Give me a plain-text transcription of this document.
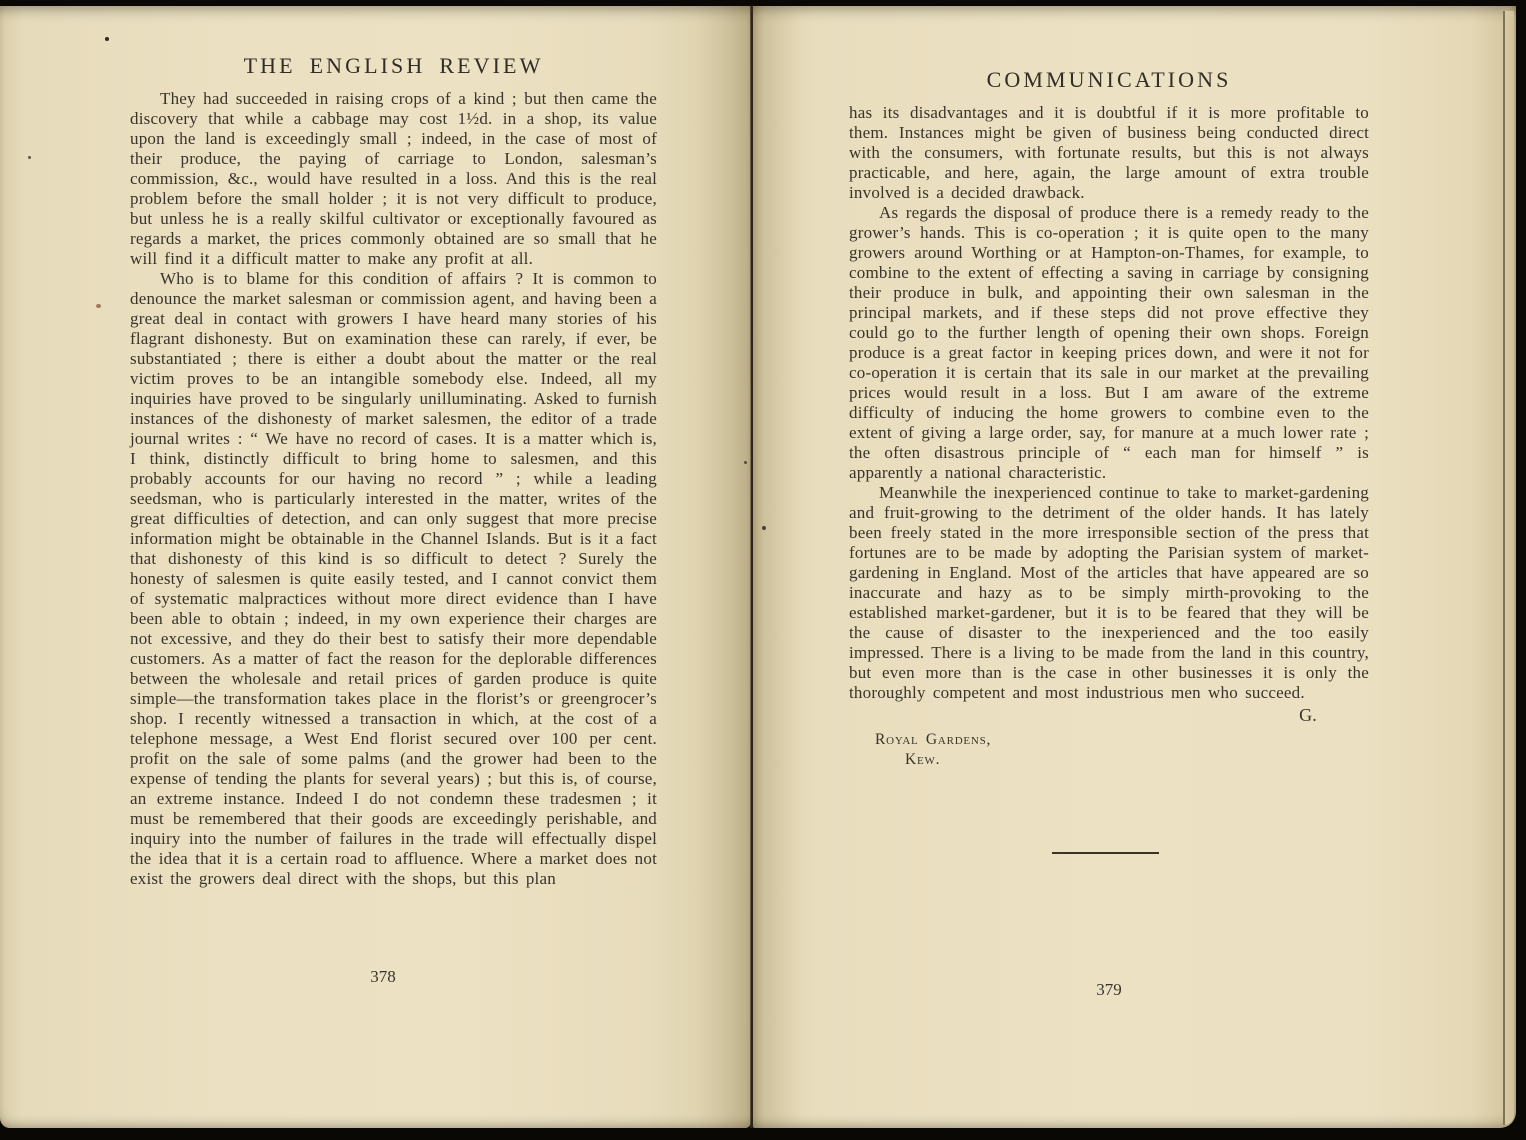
THE ENGLISH REVIEW

They had succeeded in raising crops of a kind ; but then came the discovery that while a cabbage may cost 1½d. in a shop, its value upon the land is exceedingly small ; indeed, in the case of most of their produce, the paying of carriage to London, salesman’s commission, &c., would have resulted in a loss. And this is the real problem before the small holder ; it is not very difficult to produce, but unless he is a really skilful cultivator or exceptionally favoured as regards a market, the prices commonly obtained are so small that he will find it a difficult matter to make any profit at all.

Who is to blame for this condition of affairs ? It is common to denounce the market salesman or commission agent, and having been a great deal in contact with growers I have heard many stories of his flagrant dishonesty. But on examination these can rarely, if ever, be substantiated ; there is either a doubt about the matter or the real victim proves to be an intangible somebody else. Indeed, all my inquiries have proved to be singularly unilluminating. Asked to furnish instances of the dishonesty of market salesmen, the editor of a trade journal writes : “ We have no record of cases. It is a matter which is, I think, distinctly difficult to bring home to salesmen, and this probably accounts for our having no record ” ; while a leading seedsman, who is particularly interested in the matter, writes of the great difficulties of detection, and can only suggest that more precise information might be obtainable in the Channel Islands. But is it a fact that dishonesty of this kind is so difficult to detect ? Surely the honesty of salesmen is quite easily tested, and I cannot convict them of systematic malpractices without more direct evidence than I have been able to obtain ; indeed, in my own experience their charges are not excessive, and they do their best to satisfy their more dependable customers. As a matter of fact the reason for the deplorable differences between the wholesale and retail prices of garden produce is quite simple—the transformation takes place in the florist’s or greengrocer’s shop. I recently witnessed a transaction in which, at the cost of a telephone message, a West End florist secured over 100 per cent. profit on the sale of some palms (and the grower had been to the expense of tending the plants for several years) ; but this is, of course, an extreme instance. Indeed I do not condemn these tradesmen ; it must be remembered that their goods are exceedingly perishable, and inquiry into the number of failures in the trade will effectually dispel the idea that it is a certain road to affluence. Where a market does not exist the growers deal direct with the shops, but this plan

378
COMMUNICATIONS

has its disadvantages and it is doubtful if it is more profitable to them. Instances might be given of business being conducted direct with the consumers, with fortunate results, but this is not always practicable, and here, again, the large amount of extra trouble involved is a decided drawback.

As regards the disposal of produce there is a remedy ready to the grower’s hands. This is co-operation ; it is quite open to the many growers around Worthing or at Hampton-on-Thames, for example, to combine to the extent of effecting a saving in carriage by consigning their produce in bulk, and appointing their own salesman in the principal markets, and if these steps did not prove effective they could go to the further length of opening their own shops. Foreign produce is a great factor in keeping prices down, and were it not for co-operation it is certain that its sale in our market at the prevailing prices would result in a loss. But I am aware of the extreme difficulty of inducing the home growers to combine even to the extent of giving a large order, say, for manure at a much lower rate ; the often disastrous principle of “ each man for himself ” is apparently a national characteristic.

Meanwhile the inexperienced continue to take to market-gardening and fruit-growing to the detriment of the older hands. It has lately been freely stated in the more irresponsible section of the press that fortunes are to be made by adopting the Parisian system of market-gardening in England. Most of the articles that have appeared are so inaccurate and hazy as to be simply mirth-provoking to the established market-gardener, but it is to be feared that they will be the cause of disaster to the inexperienced and the too easily impressed. There is a living to be made from the land in this country, but even more than is the case in other businesses it is only the thoroughly competent and most industrious men who succeed.

G.
Royal Gardens,
Kew.
379
